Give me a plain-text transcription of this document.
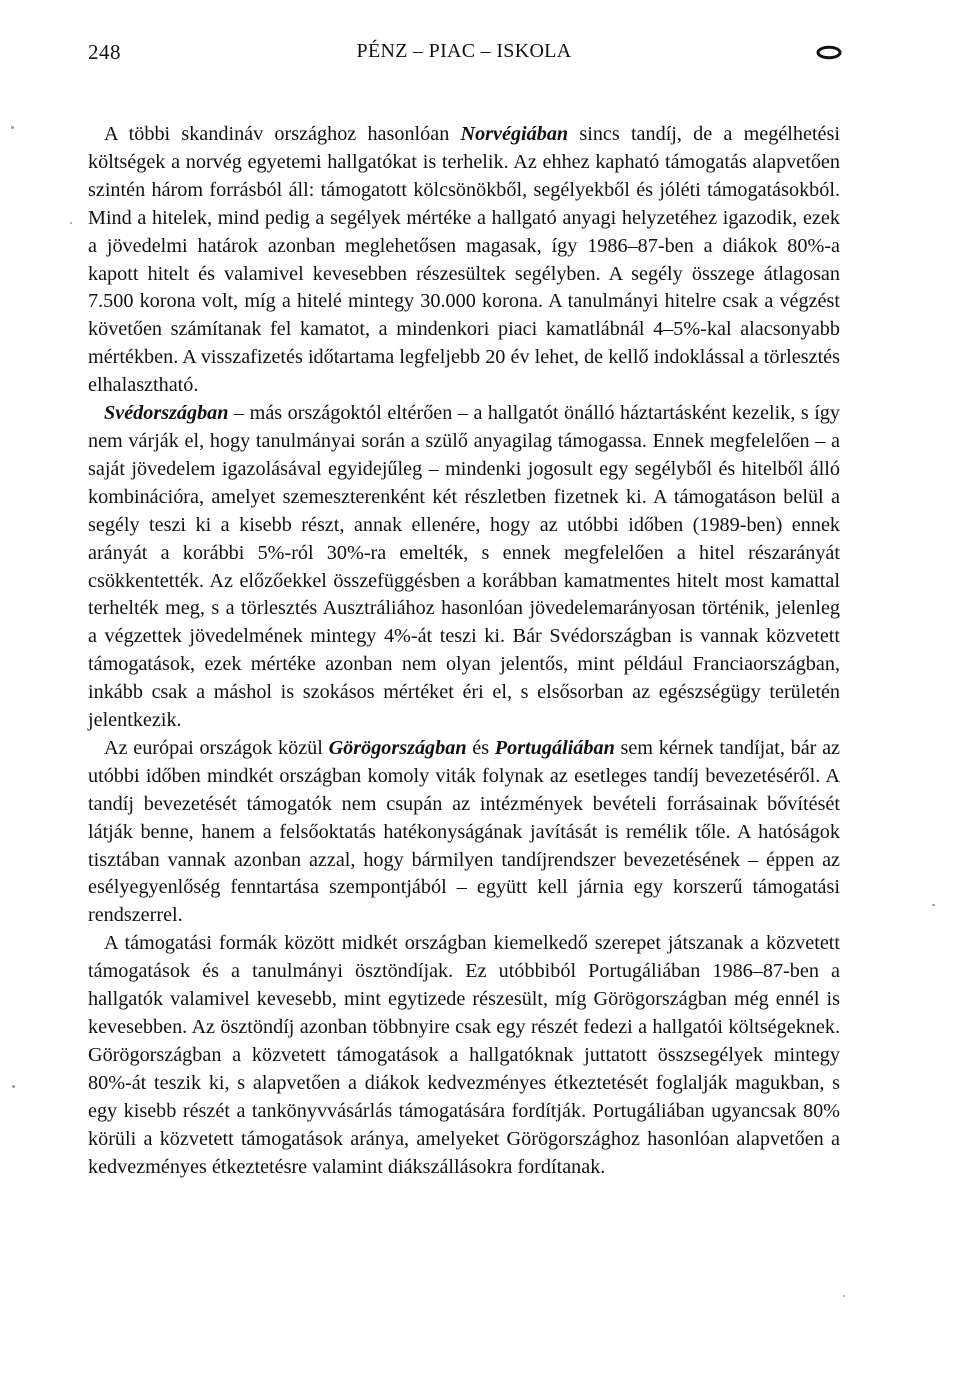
248	PÉNZ – PIAC – ISKOLA

A többi skandináv országhoz hasonlóan Norvégiában sincs tandíj, de a megélhetési költségek a norvég egyetemi hallgatókat is terhelik. Az ehhez kapható támogatás alapvetően szintén három forrásból áll: támogatott kölcsönökből, segélyekből és jóléti támogatásokból. Mind a hitelek, mind pedig a segélyek mértéke a hallgató anyagi helyzetéhez igazodik, ezek a jövedelmi határok azonban meglehetősen magasak, így 1986–87-ben a diákok 80%-a kapott hitelt és valamivel kevesebben részesültek segélyben. A segély összege átlagosan 7.500 korona volt, míg a hitelé mintegy 30.000 korona. A tanulmányi hitelre csak a végzést követően számítanak fel kamatot, a mindenkori piaci kamatlábnál 4–5%-kal alacsonyabb mértékben. A visszafizetés időtartama legfeljebb 20 év lehet, de kellő indoklással a törlesztés elhalasztható.

Svédországban – más országoktól eltérően – a hallgatót önálló háztartásként kezelik, s így nem várják el, hogy tanulmányai során a szülő anyagilag támogassa. Ennek megfelelően – a saját jövedelem igazolásával egyidejűleg – mindenki jogosult egy segélyből és hitelből álló kombinációra, amelyet szemeszterenként két részletben fizetnek ki. A támogatáson belül a segély teszi ki a kisebb részt, annak ellenére, hogy az utóbbi időben (1989-ben) ennek arányát a korábbi 5%-ról 30%-ra emelték, s ennek megfelelően a hitel részarányát csökkentették. Az előzőekkel összefüggésben a korábban kamatmentes hitelt most kamattal terhelték meg, s a törlesztés Ausztráliához hasonlóan jövedelemarányosan történik, jelenleg a végzettek jövedelmének mintegy 4%-át teszi ki. Bár Svédországban is vannak közvetett támogatások, ezek mértéke azonban nem olyan jelentős, mint például Franciaországban, inkább csak a máshol is szokásos mértéket éri el, s elsősorban az egészségügy területén jelentkezik.

Az európai országok közül Görögországban és Portugáliában sem kérnek tandíjat, bár az utóbbi időben mindkét országban komoly viták folynak az esetleges tandíj bevezetéséről. A tandíj bevezetését támogatók nem csupán az intézmények bevételi forrásainak bővítését látják benne, hanem a felsőoktatás hatékonyságának javítását is remélik tőle. A hatóságok tisztában vannak azonban azzal, hogy bármilyen tandíjrendszer bevezetésének – éppen az esélyegyenlőség fenntartása szempontjából – együtt kell járnia egy korszerű támogatási rendszerrel.

A támogatási formák között midkét országban kiemelkedő szerepet játszanak a közvetett támogatások és a tanulmányi ösztöndíjak. Ez utóbbiból Portugáliában 1986–87-ben a hallgatók valamivel kevesebb, mint egytizede részesült, míg Görögországban még ennél is kevesebben. Az ösztöndíj azonban többnyire csak egy részét fedezi a hallgatói költségeknek. Görögországban a közvetett támogatások a hallgatóknak juttatott összsegélyek mintegy 80%-át teszik ki, s alapvetően a diákok kedvezményes étkeztetését foglalják magukban, s egy kisebb részét a tankönyvvásárlás támogatására fordítják. Portugáliában ugyancsak 80% körüli a közvetett támogatások aránya, amelyeket Görögországhoz hasonlóan alapvetően a kedvezményes étkeztetésre valamint diákszállásokra fordítanak.
